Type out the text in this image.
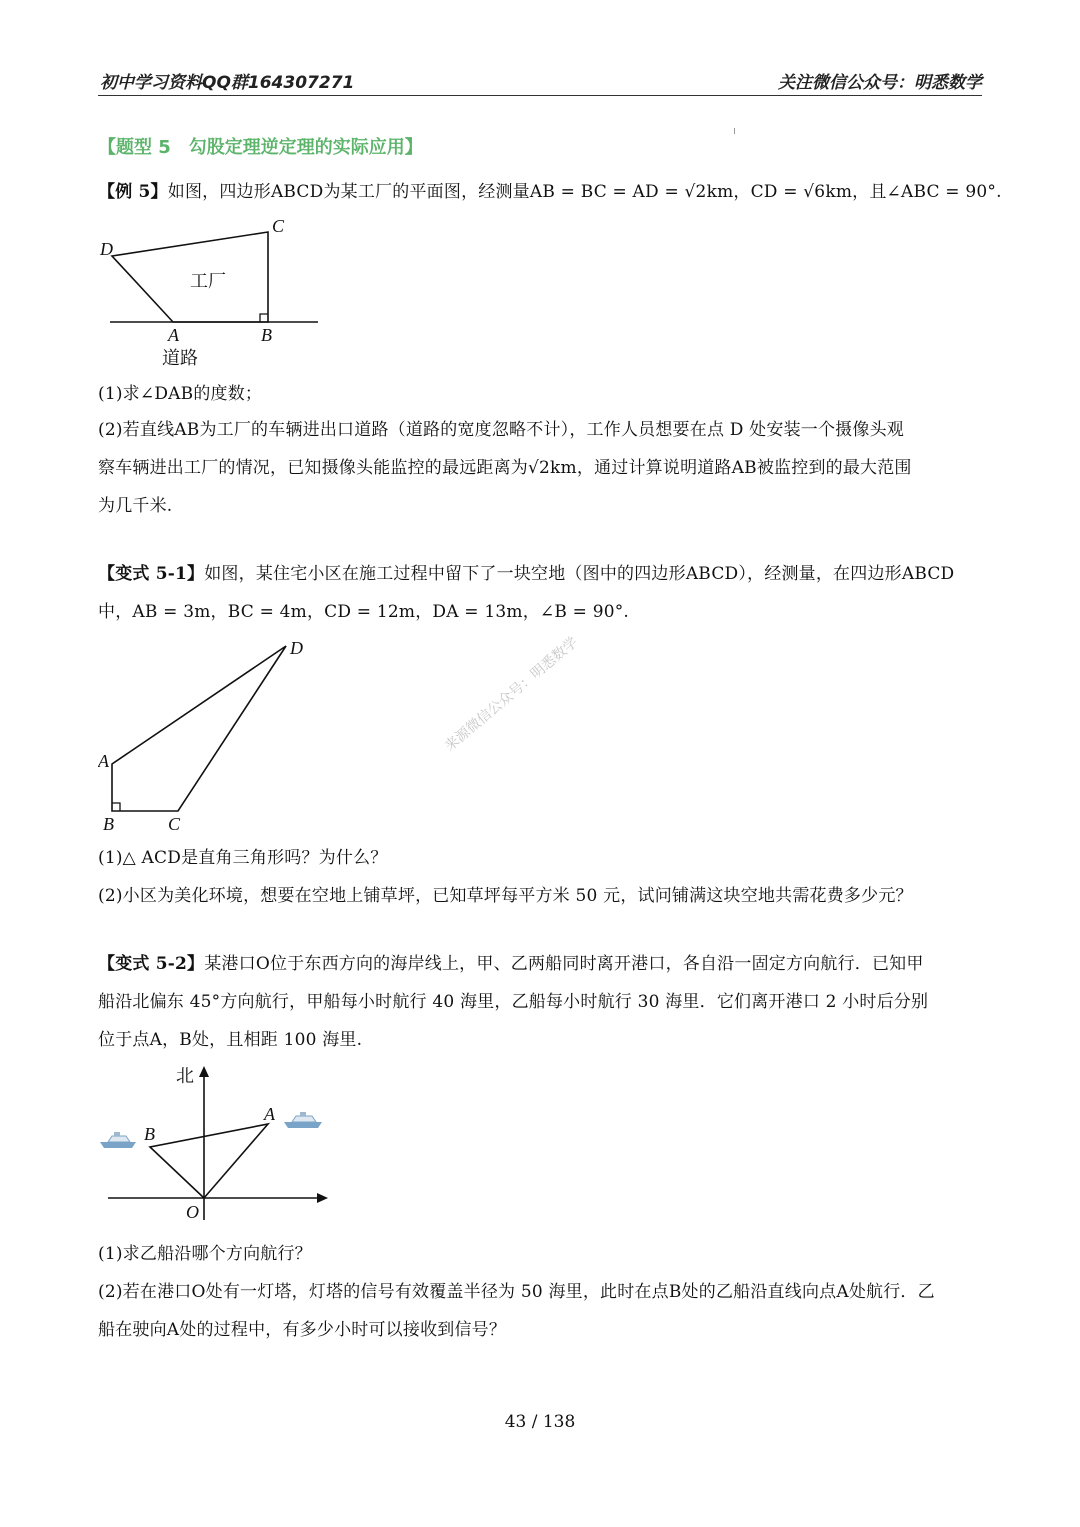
初中学习资料QQ群164307271	关注微信公众号：明悉数学
【题型 5　勾股定理逆定理的实际应用】
【例 5】如图，四边形ABCD为某工厂的平面图，经测量AB = BC = AD = √2km，CD = √6km，且∠ABC = 90°.
D
C
A	B
工厂
道路
(1)求∠DAB的度数；
(2)若直线AB为工厂的车辆进出口道路（道路的宽度忽略不计），工作人员想要在点 D 处安装一个摄像头观
察车辆进出工厂的情况，已知摄像头能监控的最远距离为√2km，通过计算说明道路AB被监控到的最大范围
为几千米.
【变式 5-1】如图，某住宅小区在施工过程中留下了一块空地（图中的四边形ABCD），经测量，在四边形ABCD
中，AB = 3m，BC = 4m，CD = 12m，DA = 13m，∠B = 90°.
A
B	C
D	来源微信公众号：明悉数学
(1)△ ACD是直角三角形吗？为什么？
(2)小区为美化环境，想要在空地上铺草坪，已知草坪每平方米 50 元，试问铺满这块空地共需花费多少元？
【变式 5-2】某港口O位于东西方向的海岸线上，甲、乙两船同时离开港口，各自沿一固定方向航行．已知甲
船沿北偏东 45°方向航行，甲船每小时航行 40 海里，乙船每小时航行 30 海里．它们离开港口 2 小时后分别
位于点A，B处，且相距 100 海里.
北
B
A
O
(1)求乙船沿哪个方向航行？
(2)若在港口O处有一灯塔，灯塔的信号有效覆盖半径为 50 海里，此时在点B处的乙船沿直线向点A处航行．乙
船在驶向A处的过程中，有多少小时可以接收到信号？
43 / 138
